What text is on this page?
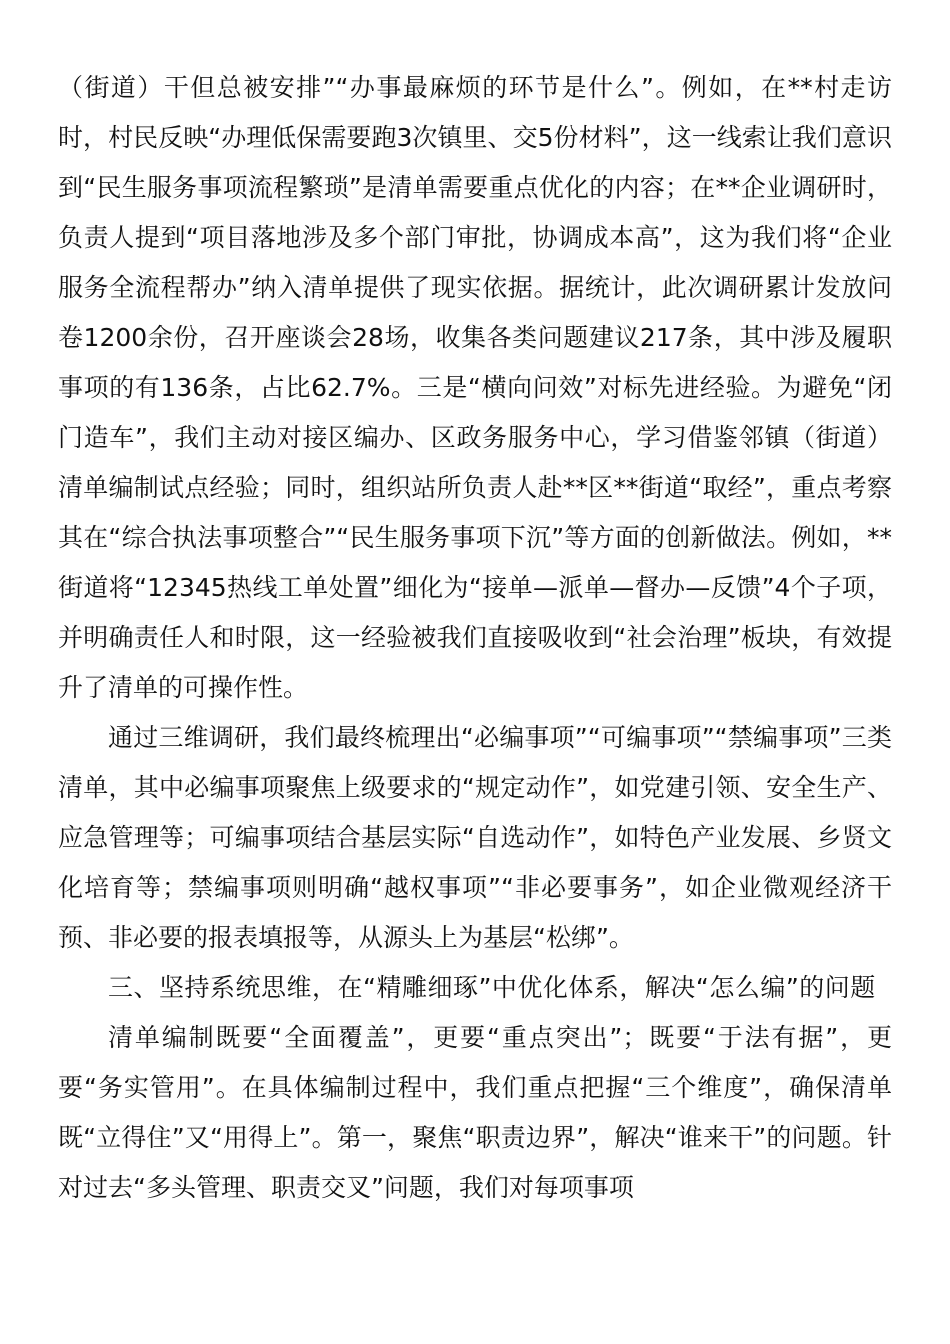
（街道）干但总被安排”“办事最麻烦的环节是什么”。例如，在**村走访时，村民反映“办理低保需要跑3次镇里、交5份材料”，这一线索让我们意识到“民生服务事项流程繁琐”是清单需要重点优化的内容；在**企业调研时，负责人提到“项目落地涉及多个部门审批，协调成本高”，这为我们将“企业服务全流程帮办”纳入清单提供了现实依据。据统计，此次调研累计发放问卷1200余份，召开座谈会28场，收集各类问题建议217条，其中涉及履职事项的有136条，占比62.7%。三是“横向问效”对标先进经验。为避免“闭门造车”，我们主动对接区编办、区政务服务中心，学习借鉴邻镇（街道）清单编制试点经验；同时，组织站所负责人赴**区**街道“取经”，重点考察其在“综合执法事项整合”“民生服务事项下沉”等方面的创新做法。例如，**街道将“12345热线工单处置”细化为“接单—派单—督办—反馈”4个子项，并明确责任人和时限，这一经验被我们直接吸收到“社会治理”板块，有效提升了清单的可操作性。

通过三维调研，我们最终梳理出“必编事项”“可编事项”“禁编事项”三类清单，其中必编事项聚焦上级要求的“规定动作”，如党建引领、安全生产、应急管理等；可编事项结合基层实际“自选动作”，如特色产业发展、乡贤文化培育等；禁编事项则明确“越权事项”“非必要事务”，如企业微观经济干预、非必要的报表填报等，从源头上为基层“松绑”。

三、坚持系统思维，在“精雕细琢”中优化体系，解决“怎么编”的问题

清单编制既要“全面覆盖”，更要“重点突出”；既要“于法有据”，更要“务实管用”。在具体编制过程中，我们重点把握“三个维度”，确保清单既“立得住”又“用得上”。第一，聚焦“职责边界”，解决“谁来干”的问题。针对过去“多头管理、职责交叉”问题，我们对每项事项
